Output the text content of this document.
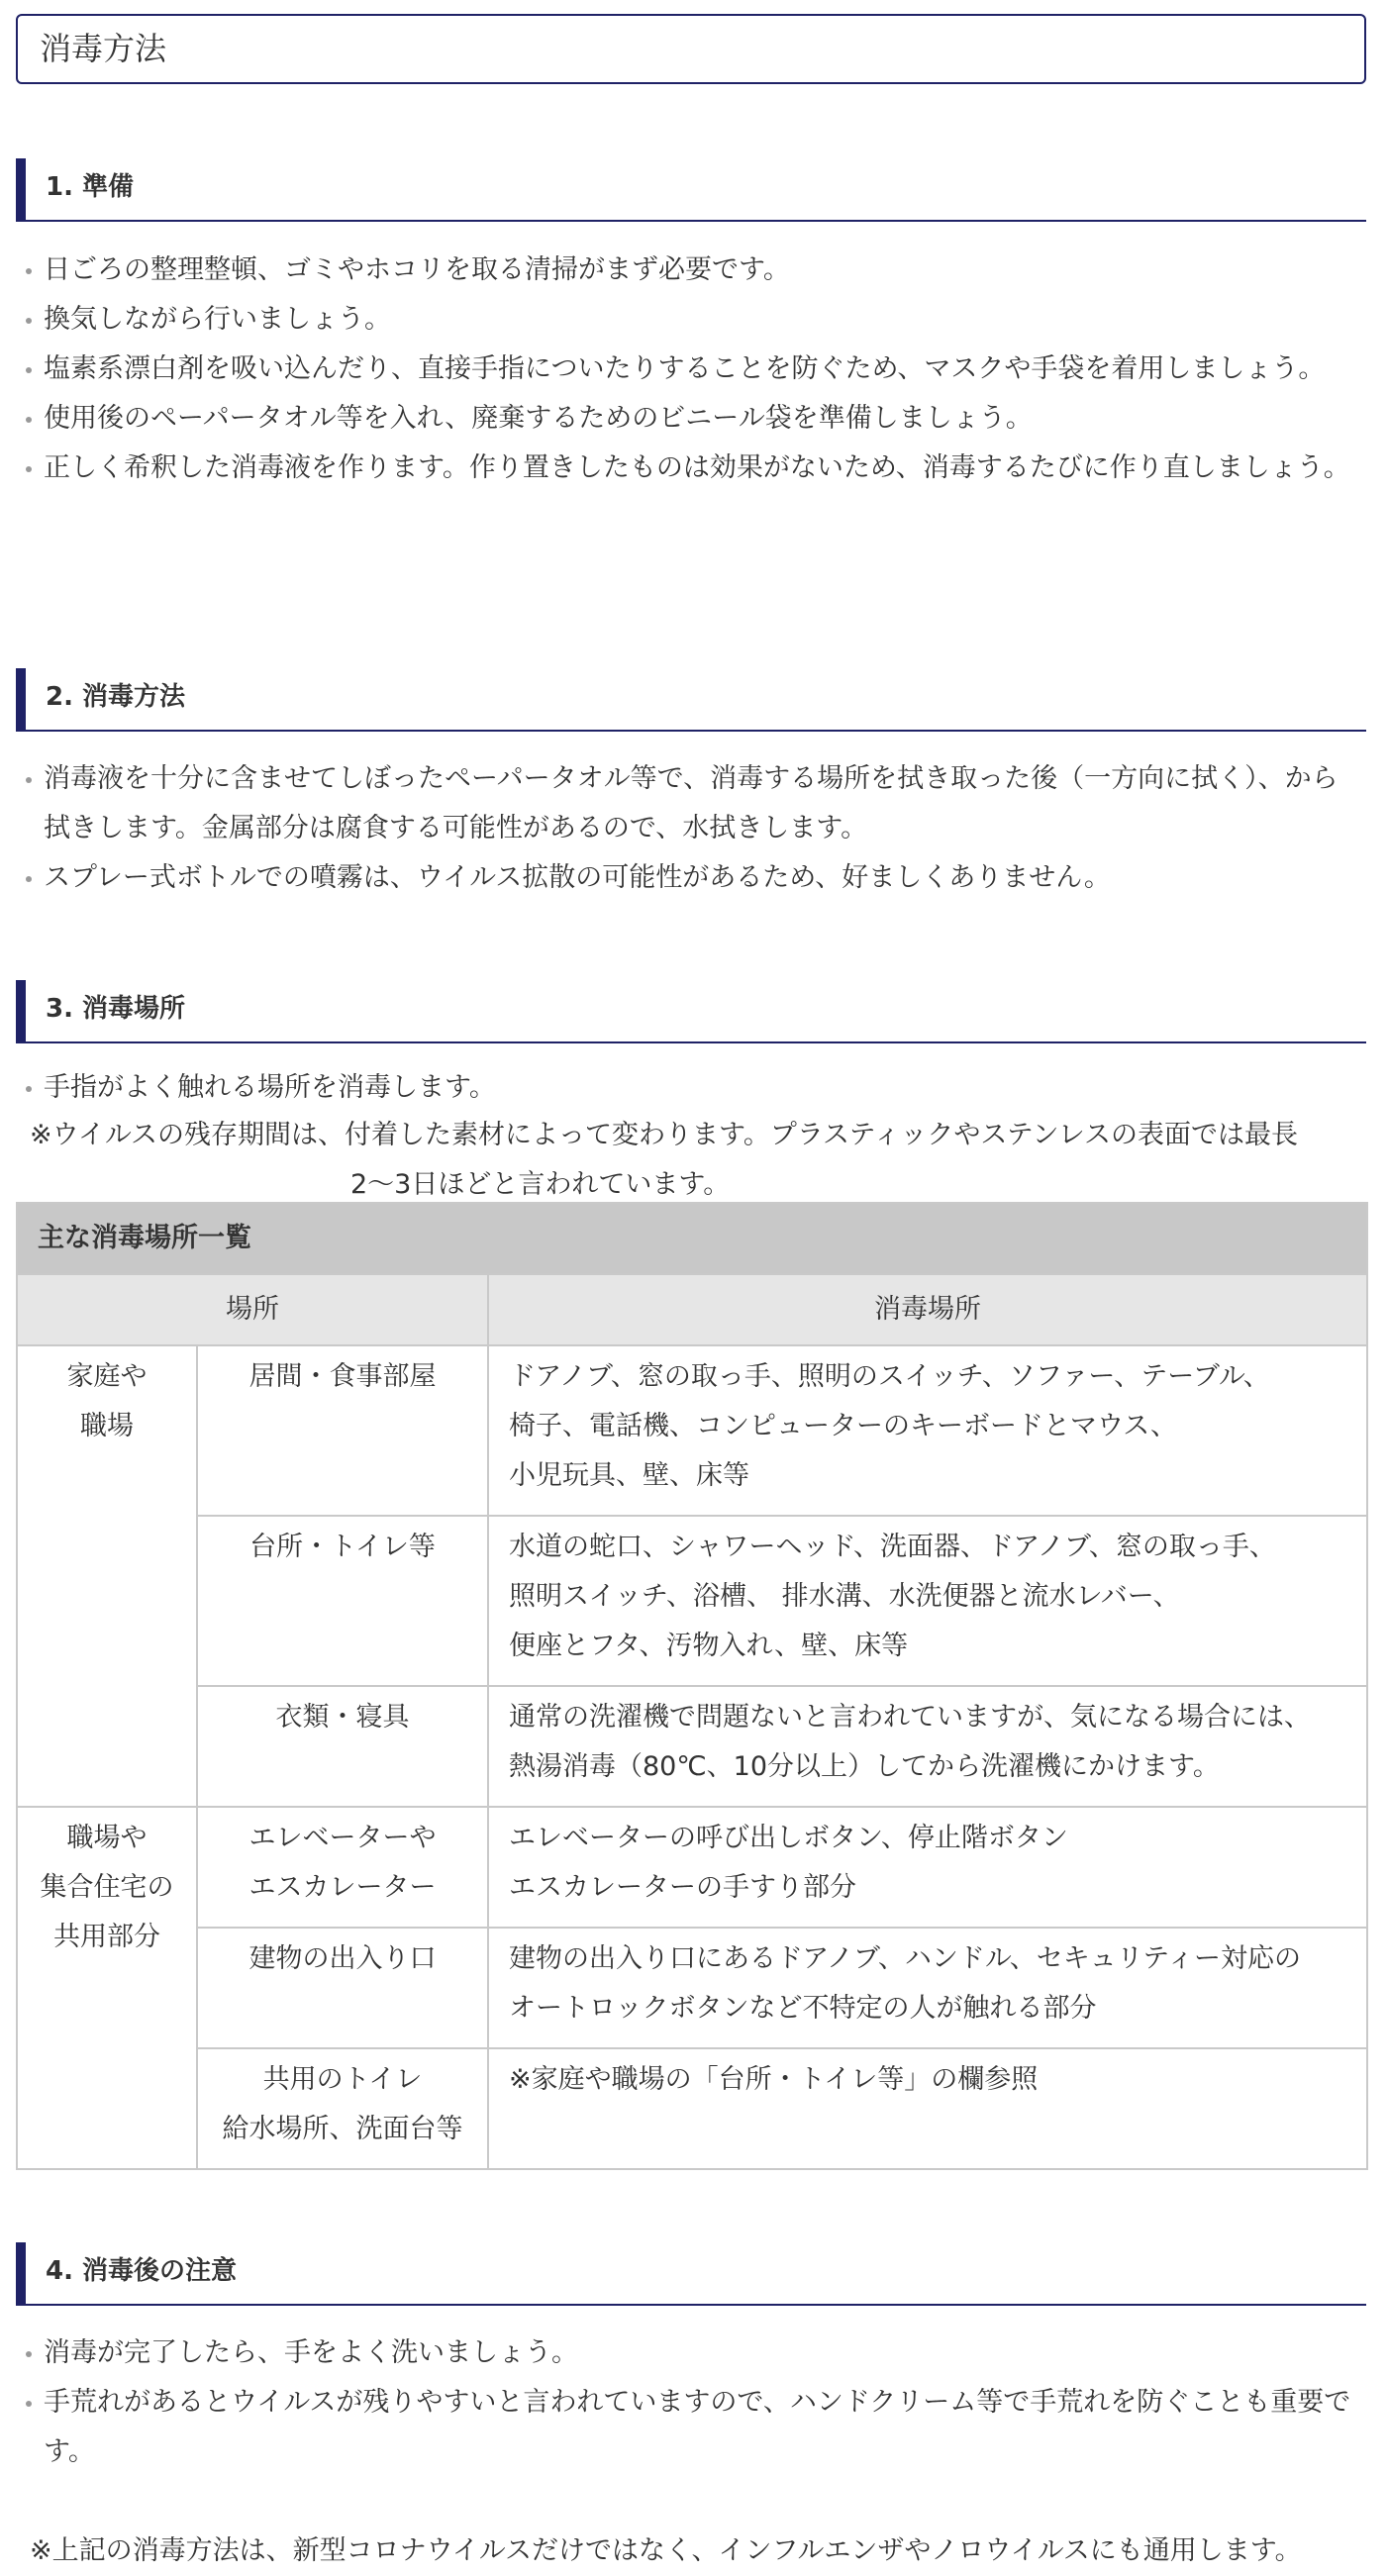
消毒方法
1. 準備
日ごろの整理整頓、ゴミやホコリを取る清掃がまず必要です。
換気しながら行いましょう。
塩素系漂白剤を吸い込んだり、直接手指についたりすることを防ぐため、マスクや手袋を着用しましょう。
使用後のペーパータオル等を入れ、廃棄するためのビニール袋を準備しましょう。
正しく希釈した消毒液を作ります。作り置きしたものは効果がないため、消毒するたびに作り直しましょう。
2. 消毒方法
消毒液を十分に含ませてしぼったペーパータオル等で、消毒する場所を拭き取った後（一方向に拭く）、から拭きします。金属部分は腐食する可能性があるので、水拭きします。
スプレー式ボトルでの噴霧は、ウイルス拡散の可能性があるため、好ましくありません。
3. 消毒場所
手指がよく触れる場所を消毒します。
※ウイルスの残存期間は、付着した素材によって変わります。プラスティックやステンレスの表面では最長
2〜3日ほどと言われています。
主な消毒場所一覧		
場所		消毒場所
家庭や
職場	居間・食事部屋	ドアノブ、窓の取っ手、照明のスイッチ、ソファー、テーブル、
椅子、電話機、コンピューターのキーボードとマウス、
小児玩具、壁、床等
	台所・トイレ等	水道の蛇口、シャワーヘッド、洗面器、ドアノブ、窓の取っ手、
照明スイッチ、浴槽、 排水溝、水洗便器と流水レバー、
便座とフタ、汚物入れ、壁、床等
	衣類・寝具	通常の洗濯機で問題ないと言われていますが、気になる場合には、
熱湯消毒（80℃、10分以上）してから洗濯機にかけます。
職場や
集合住宅の
共用部分	エレベーターや
エスカレーター	エレベーターの呼び出しボタン、停止階ボタン
エスカレーターの手すり部分
	建物の出入り口	建物の出入り口にあるドアノブ、ハンドル、セキュリティー対応の
オートロックボタンなど不特定の人が触れる部分
	共用のトイレ
給水場所、洗面台等	※家庭や職場の「台所・トイレ等」の欄参照
4. 消毒後の注意
消毒が完了したら、手をよく洗いましょう。
手荒れがあるとウイルスが残りやすいと言われていますので、ハンドクリーム等で手荒れを防ぐことも重要です。
※上記の消毒方法は、新型コロナウイルスだけではなく、インフルエンザやノロウイルスにも通用します。
